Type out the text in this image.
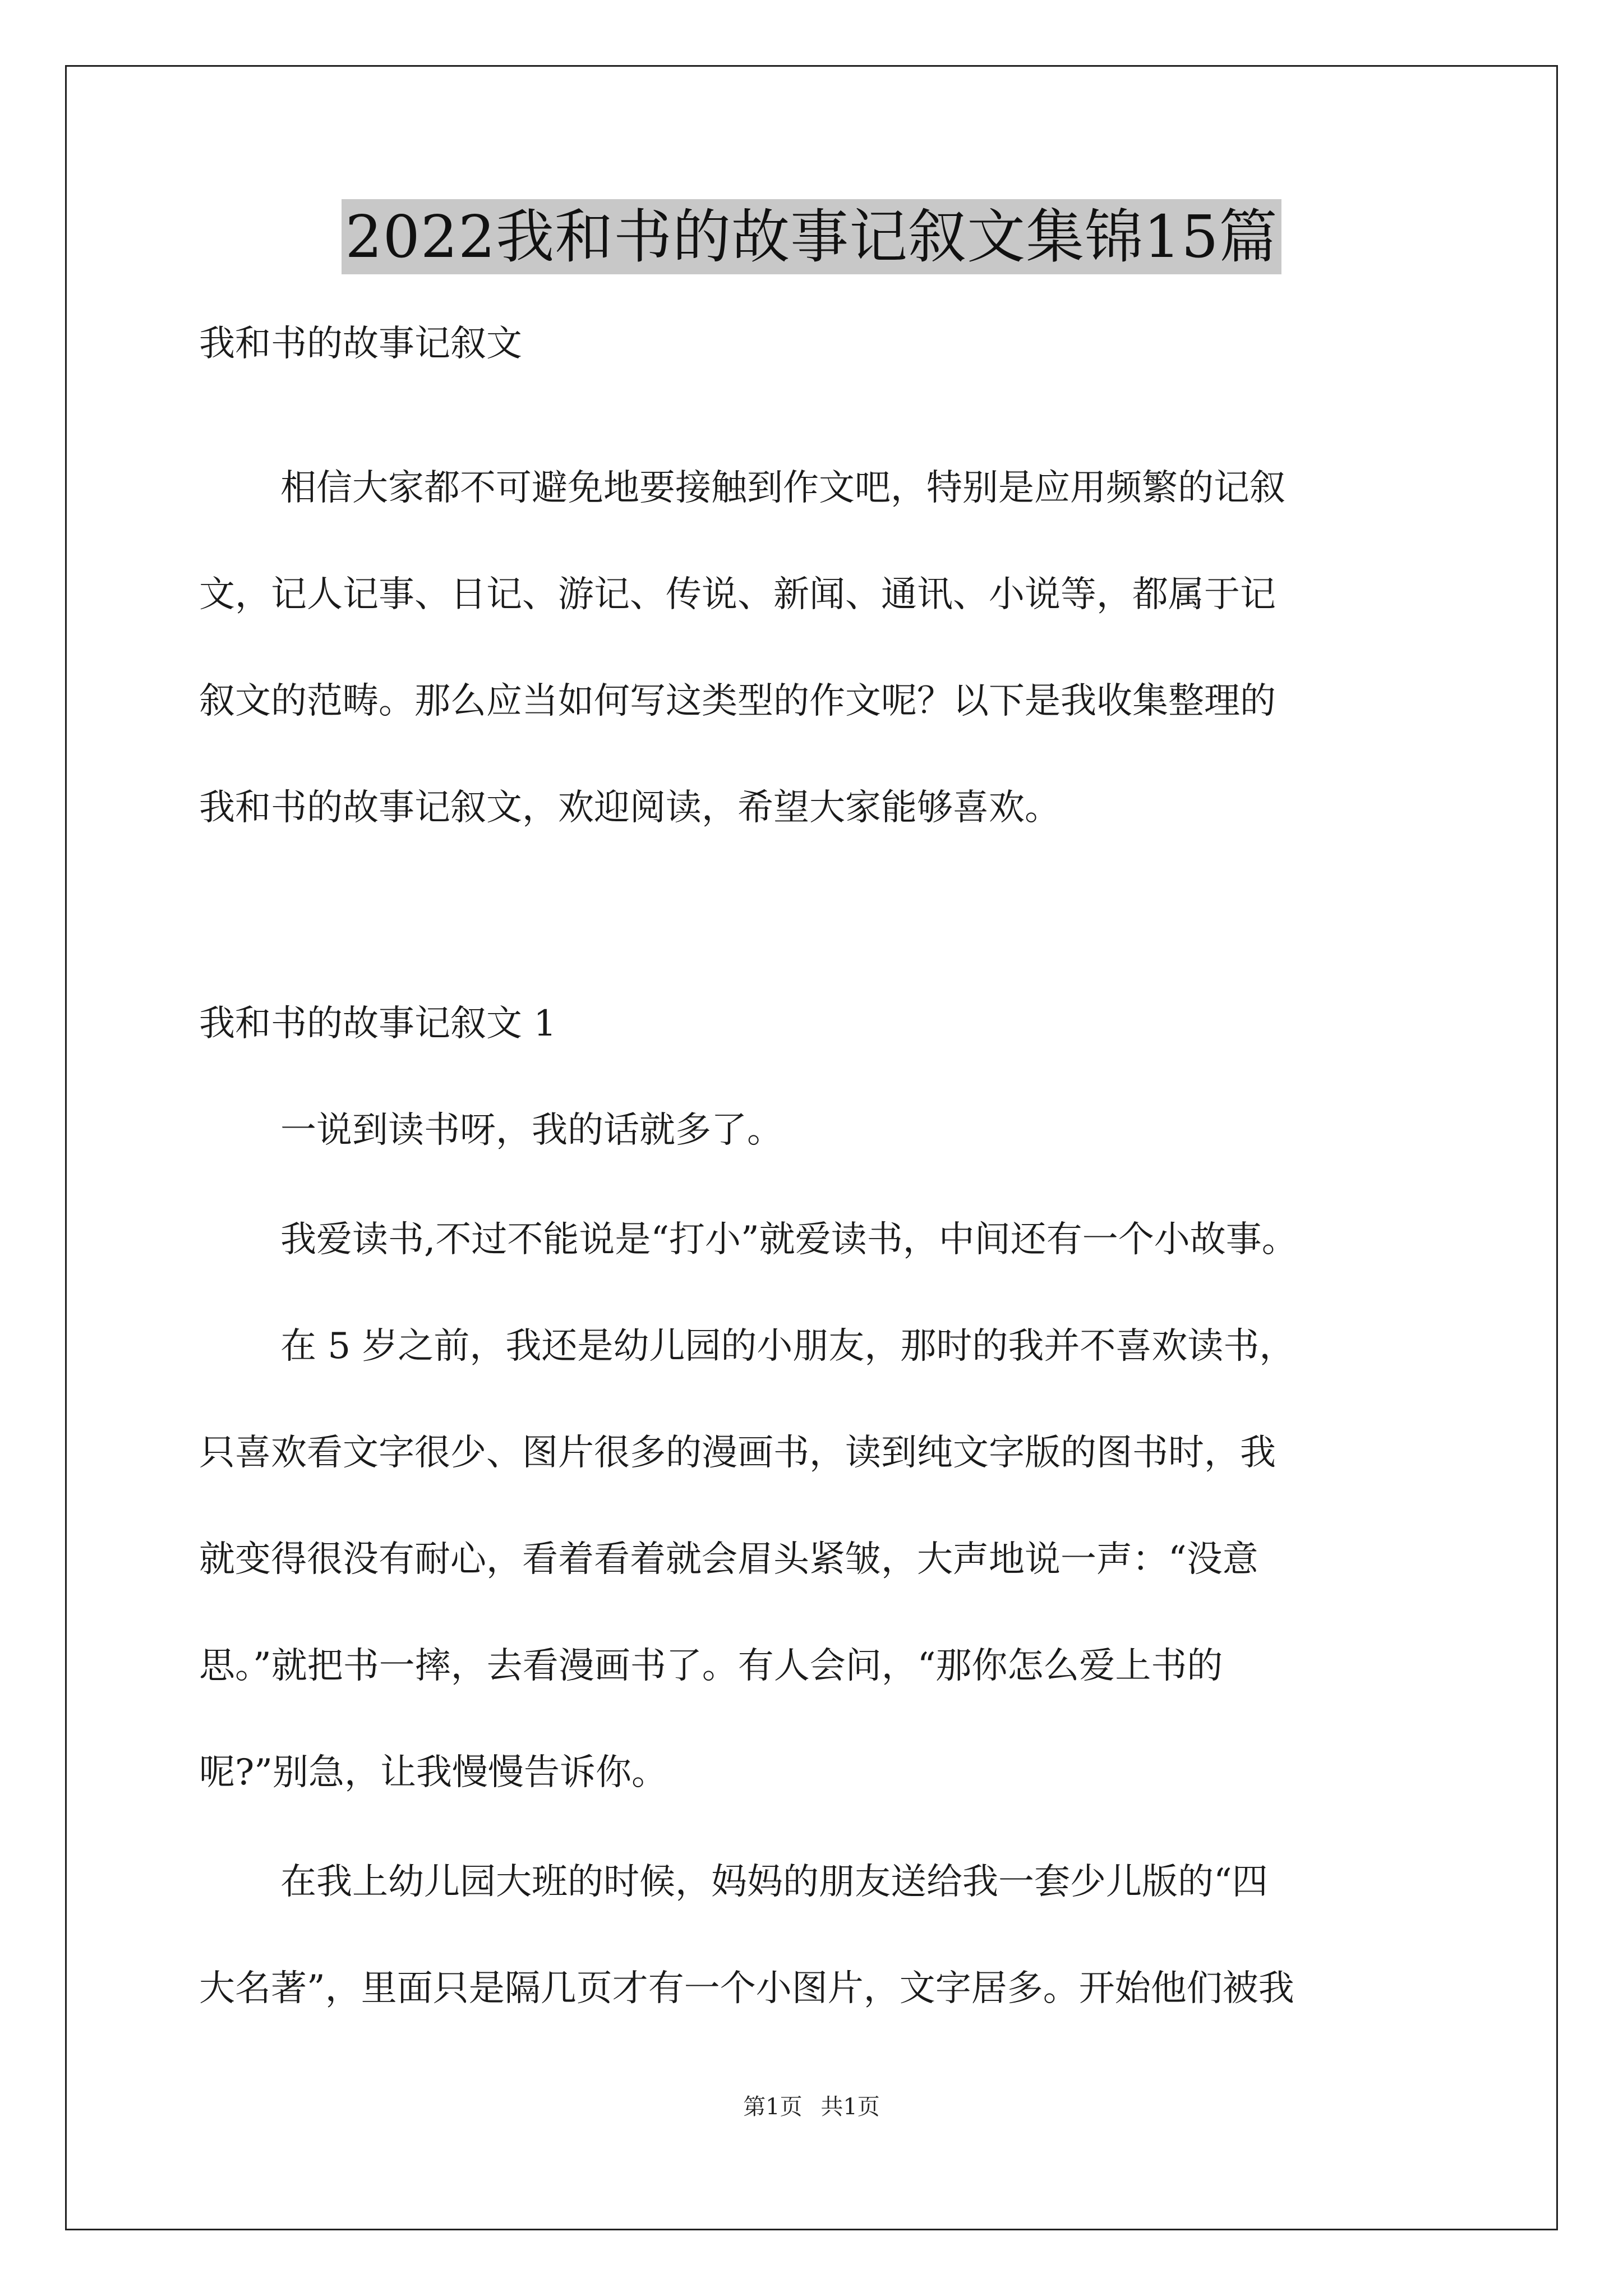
2022我和书的故事记叙文集锦15篇
我和书的故事记叙文
相信大家都不可避免地要接触到作文吧，特别是应用频繁的记叙
文，记人记事、日记、游记、传说、新闻、通讯、小说等，都属于记
叙文的范畴。那么应当如何写这类型的作文呢？以下是我收集整理的
我和书的故事记叙文，欢迎阅读，希望大家能够喜欢。
我和书的故事记叙文 1
一说到读书呀，我的话就多了。
我爱读书,不过不能说是“打小”就爱读书，中间还有一个小故事。
在 5 岁之前，我还是幼儿园的小朋友，那时的我并不喜欢读书，
只喜欢看文字很少、图片很多的漫画书，读到纯文字版的图书时，我
就变得很没有耐心，看着看着就会眉头紧皱，大声地说一声：“没意
思。”就把书一摔，去看漫画书了。有人会问，“那你怎么爱上书的
呢?”别急，让我慢慢告诉你。
在我上幼儿园大班的时候，妈妈的朋友送给我一套少儿版的“四
大名著”，里面只是隔几页才有一个小图片，文字居多。开始他们被我
第1页 共1页
